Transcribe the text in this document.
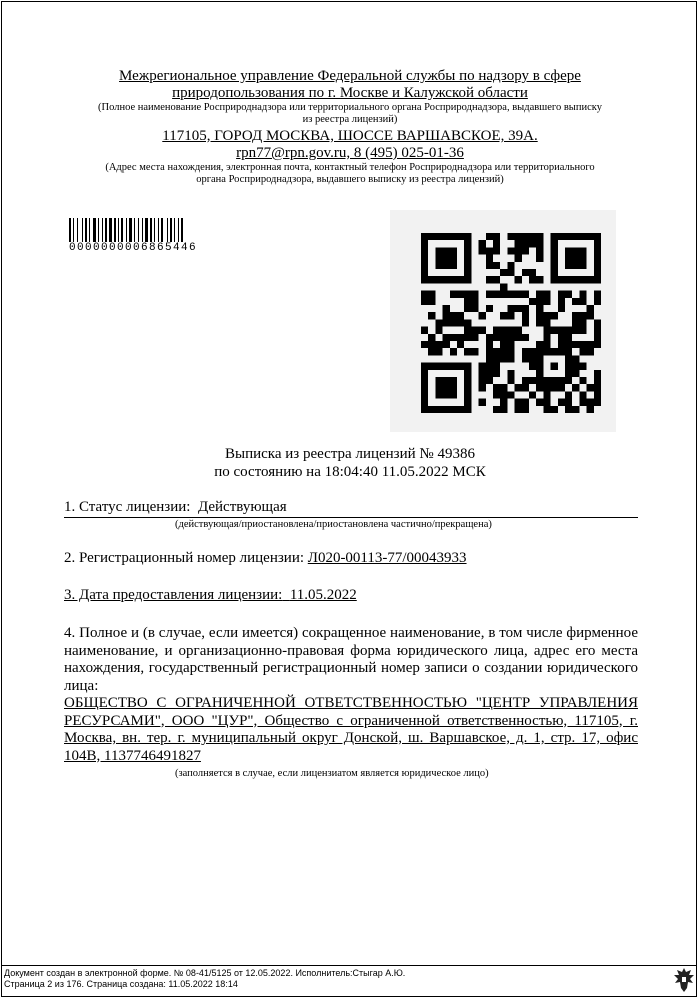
Межрегиональное управление Федеральной службы по надзору в сфере
природопользования по г. Москве и Калужской области
(Полное наименование Росприроднадзора или территориального органа Росприроднадзора, выдавшего выписку
из реестра лицензий)
117105, ГОРОД МОСКВА, ШОССЕ ВАРШАВСКОЕ, 39А.
rpn77@rpn.gov.ru, 8 (495) 025-01-36
(Адрес места нахождения, электронная почта, контактный телефон Росприроднадзора или территориального
органа Росприроднадзора, выдавшего выписку из реестра лицензий)
0000000006865446
Выписка из реестра лицензий № 49386
по состоянию на 18:04:40 11.05.2022 МСК
1. Статус лицензии: Действующая
(действующая/приостановлена/приостановлена частично/прекращена)
2. Регистрационный номер лицензии: Л020-00113-77/00043933
3. Дата предоставления лицензии: 11.05.2022
4. Полное и (в случае, если имеется) сокращенное наименование, в том числе фирменное наименование, и организационно-правовая форма юридического лица, адрес его места нахождения, государственный регистрационный номер записи о создании юридического лица:
ОБЩЕСТВО С ОГРАНИЧЕННОЙ ОТВЕТСТВЕННОСТЬЮ "ЦЕНТР УПРАВЛЕНИЯ РЕСУРСАМИ", ООО "ЦУР", Общество с ограниченной ответственностью, 117105, г. Москва, вн. тер. г. муниципальный округ Донской, ш. Варшавское, д. 1, стр. 17, офис 104В, 1137746491827
(заполняется в случае, если лицензиатом является юридическое лицо)
Документ создан в электронной форме. № 08-41/5125 от 12.05.2022. Исполнитель:Стыгар А.Ю.
Страница 2 из 176. Страница создана: 11.05.2022 18:14
